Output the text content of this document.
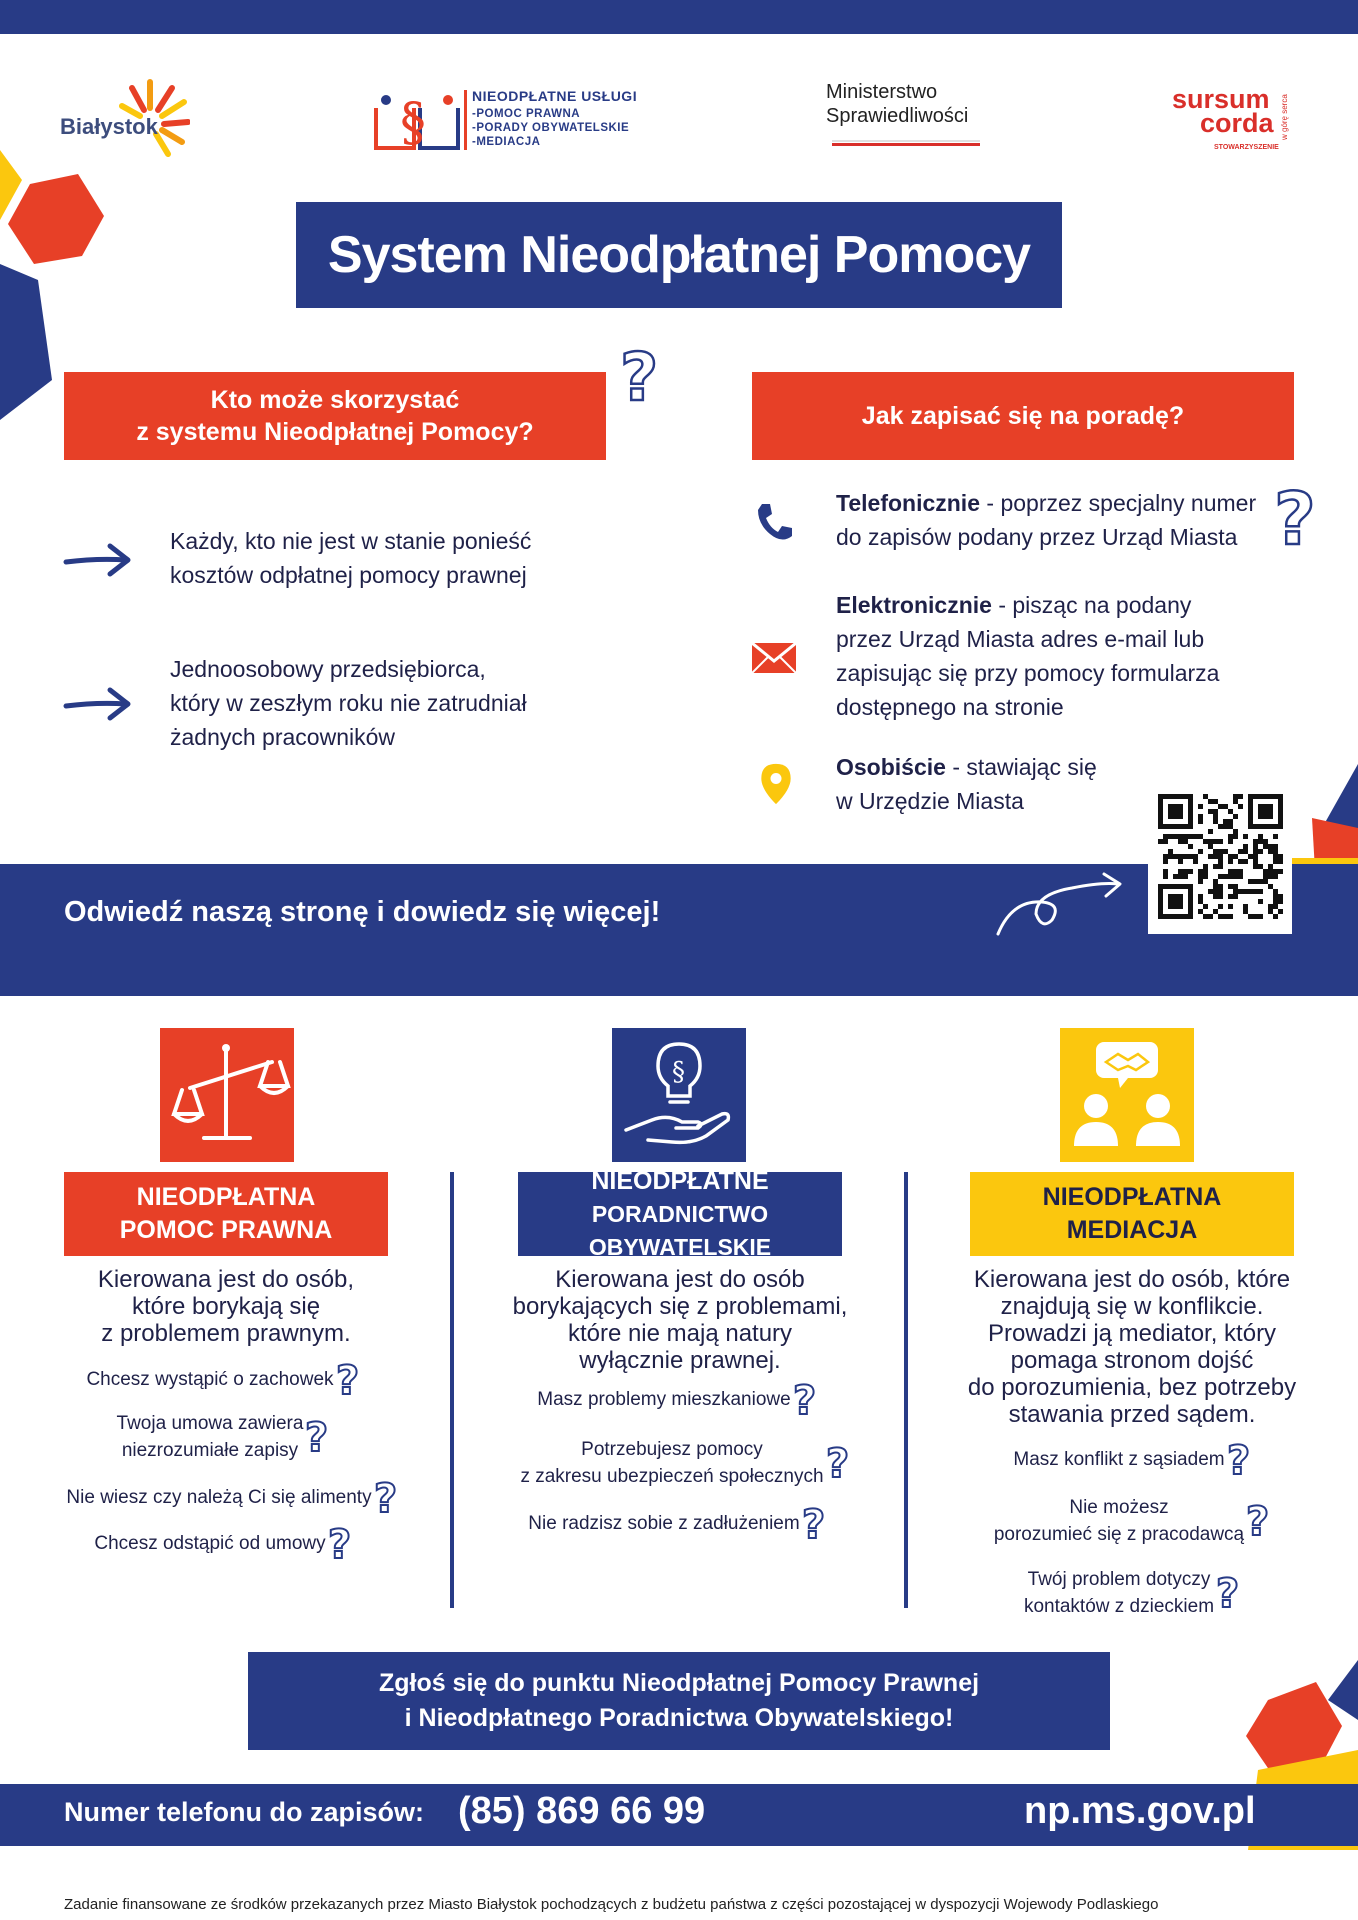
Białystok	§	NIEODPŁATNE USŁUGI
-POMOC PRAWNA
-PORADY OBYWATELSKIE
-MEDIACJA
Ministerstwo
Sprawiedliwości
sursum
corda w górę serca
STOWARZYSZENIE
System Nieodpłatnej Pomocy
Kto może skorzystać
z systemu Nieodpłatnej Pomocy?
?
Każdy, kto nie jest w stanie ponieść
kosztów odpłatnej pomocy prawnej
Jednoosobowy przedsiębiorca,
który w zeszłym roku nie zatrudniał
żadnych pracowników
Jak zapisać się na poradę?
Telefonicznie - poprzez specjalny numer
do zapisów podany przez Urząd Miasta ?
Elektronicznie - pisząc na podany
przez Urząd Miasta adres e-mail lub
zapisując się przy pomocy formularza
dostępnego na stronie
Osobiście - stawiając się
w Urzędzie Miasta
Odwiedź naszą stronę i dowiedz się więcej!
NIEODPŁATNA
POMOC PRAWNA
Kierowana jest do osób,
które borykają się
z problemem prawnym.
Chcesz wystąpić o zachowek ?
Twoja umowa zawiera
niezrozumiałe zapisy ?
Nie wiesz czy należą Ci się alimenty ?
Chcesz odstąpić od umowy ?
§
NIEODPŁATNE
PORADNICTWO OBYWATELSKIE
Kierowana jest do osób
borykających się z problemami,
które nie mają natury
wyłącznie prawnej.
Masz problemy mieszkaniowe ?
Potrzebujesz pomocy
z zakresu ubezpieczeń społecznych ?
Nie radzisz sobie z zadłużeniem ?
NIEODPŁATNA
MEDIACJA
Kierowana jest do osób, które
znajdują się w konflikcie.
Prowadzi ją mediator, który
pomaga stronom dojść
do porozumienia, bez potrzeby
stawania przed sądem.
Masz konflikt z sąsiadem ?
Nie możesz
porozumieć się z pracodawcą ?
Twój problem dotyczy
kontaktów z dzieckiem ?
Zgłoś się do punktu Nieodpłatnej Pomocy Prawnej
i Nieodpłatnego Poradnictwa Obywatelskiego!
Numer telefonu do zapisów: (85) 869 66 99	np.ms.gov.pl
Zadanie finansowane ze środków przekazanych przez Miasto Białystok pochodzących z budżetu państwa z części pozostającej w dyspozycji Wojewody Podlaskiego
